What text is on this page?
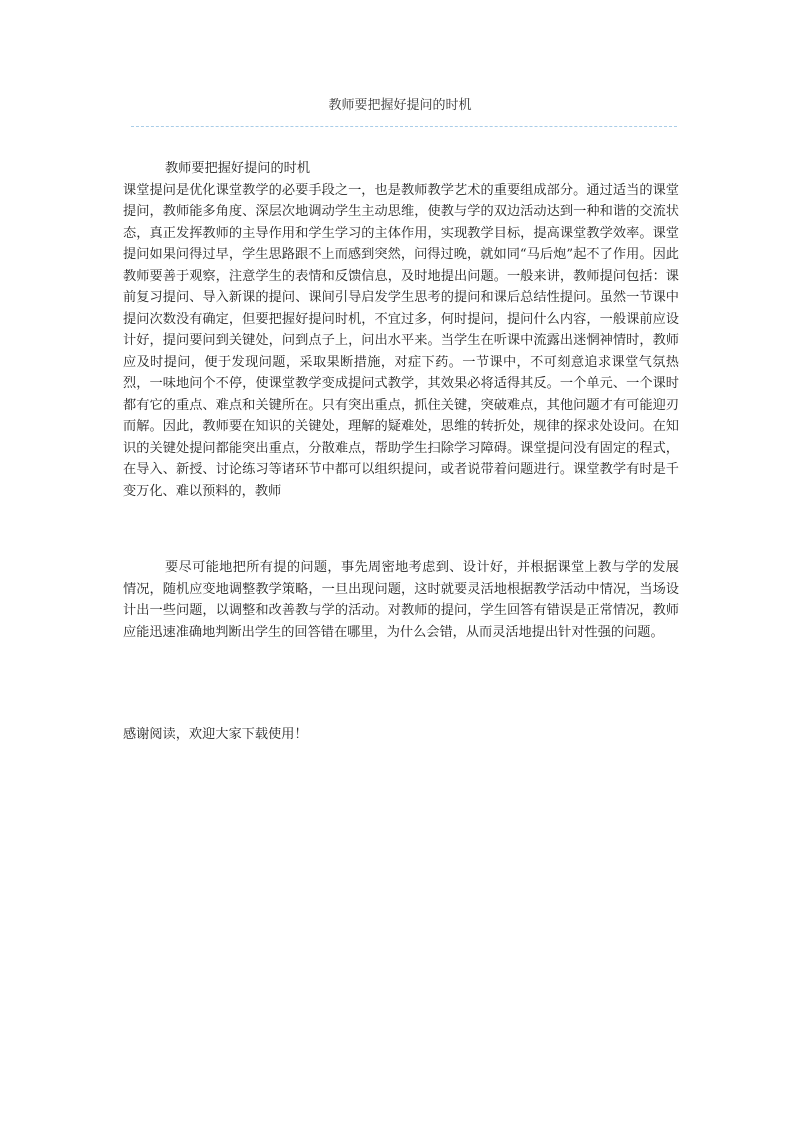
教师要把握好提问的时机

教师要把握好提问的时机

课堂提问是优化课堂教学的必要手段之一，也是教师教学艺术的重要组成部分。通过适当的课堂提问，教师能多角度、深层次地调动学生主动思维，使教与学的双边活动达到一种和谐的交流状态，真正发挥教师的主导作用和学生学习的主体作用，实现教学目标，提高课堂教学效率。课堂提问如果问得过早，学生思路跟不上而感到突然，问得过晚，就如同“马后炮”起不了作用。因此教师要善于观察，注意学生的表情和反馈信息，及时地提出问题。一般来讲，教师提问包括：课前复习提问、导入新课的提问、课间引导启发学生思考的提问和课后总结性提问。虽然一节课中提问次数没有确定，但要把握好提问时机，不宜过多，何时提问，提问什么内容，一般课前应设计好，提问要问到关键处，问到点子上，问出水平来。当学生在听课中流露出迷惘神情时，教师应及时提问，便于发现问题，采取果断措施，对症下药。一节课中，不可刻意追求课堂气氛热烈，一味地问个不停，使课堂教学变成提问式教学，其效果必将适得其反。一个单元、一个课时都有它的重点、难点和关键所在。只有突出重点，抓住关键，突破难点，其他问题才有可能迎刃而解。因此，教师要在知识的关键处，理解的疑难处，思维的转折处，规律的探求处设问。在知识的关键处提问都能突出重点，分散难点，帮助学生扫除学习障碍。课堂提问没有固定的程式，在导入、新授、讨论练习等诸环节中都可以组织提问，或者说带着问题进行。课堂教学有时是千变万化、难以预料的，教师

要尽可能地把所有提的问题，事先周密地考虑到、设计好，并根据课堂上教与学的发展情况，随机应变地调整教学策略，一旦出现问题，这时就要灵活地根据教学活动中情况，当场设计出一些问题，以调整和改善教与学的活动。对教师的提问，学生回答有错误是正常情况，教师应能迅速准确地判断出学生的回答错在哪里，为什么会错，从而灵活地提出针对性强的问题。

感谢阅读，欢迎大家下载使用！
